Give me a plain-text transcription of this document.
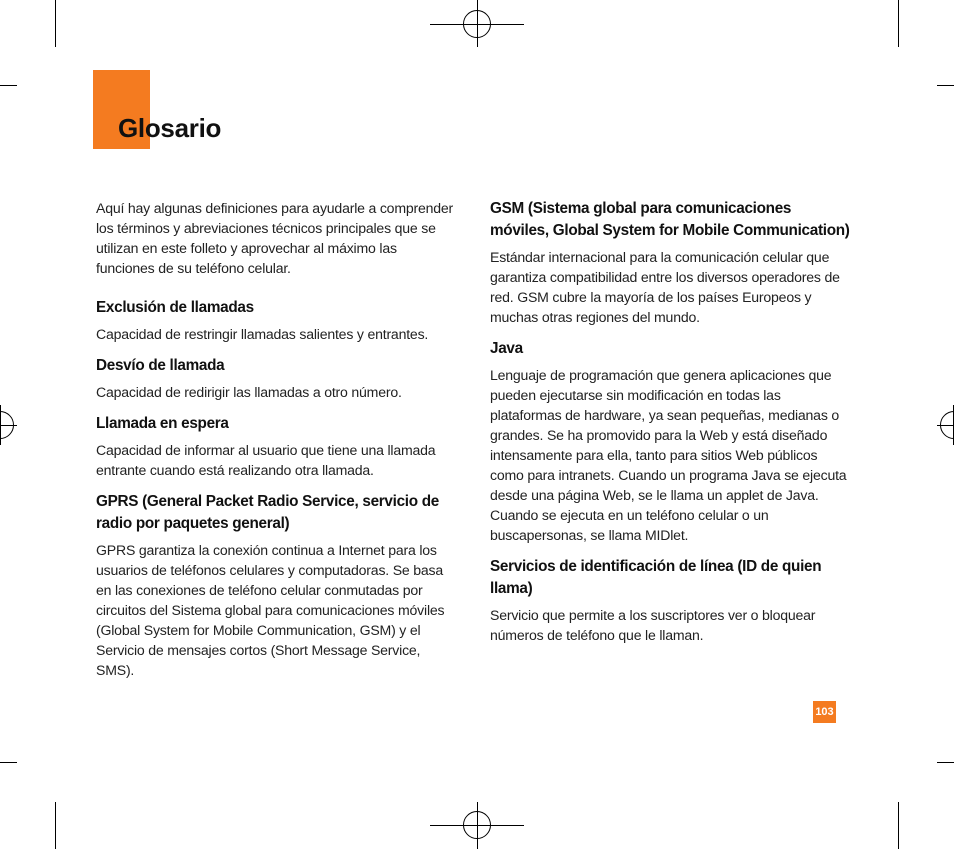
Glosario

Aquí hay algunas definiciones para ayudarle a comprender los términos y abreviaciones técnicos principales que se utilizan en este folleto y aprovechar al máximo las funciones de su teléfono celular.

Exclusión de llamadas

Capacidad de restringir llamadas salientes y entrantes.

Desvío de llamada

Capacidad de redirigir las llamadas a otro número.

Llamada en espera

Capacidad de informar al usuario que tiene una llamada entrante cuando está realizando otra llamada.

GPRS (General Packet Radio Service, servicio de radio por paquetes general)

GPRS garantiza la conexión continua a Internet para los usuarios de teléfonos celulares y computadoras. Se basa en las conexiones de teléfono celular conmutadas por circuitos del Sistema global para comunicaciones móviles (Global System for Mobile Communication, GSM) y el Servicio de mensajes cortos (Short Message Service, SMS).

GSM (Sistema global para comunicaciones móviles, Global System for Mobile Communication)

Estándar internacional para la comunicación celular que garantiza compatibilidad entre los diversos operadores de red. GSM cubre la mayoría de los países Europeos y muchas otras regiones del mundo.

Java

Lenguaje de programación que genera aplicaciones que pueden ejecutarse sin modificación en todas las plataformas de hardware, ya sean pequeñas, medianas o grandes. Se ha promovido para la Web y está diseñado intensamente para ella, tanto para sitios Web públicos como para intranets. Cuando un programa Java se ejecuta desde una página Web, se le llama un applet de Java. Cuando se ejecuta en un teléfono celular o un buscapersonas, se llama MIDlet.

Servicios de identificación de línea (ID de quien llama)

Servicio que permite a los suscriptores ver o bloquear números de teléfono que le llaman.

103
